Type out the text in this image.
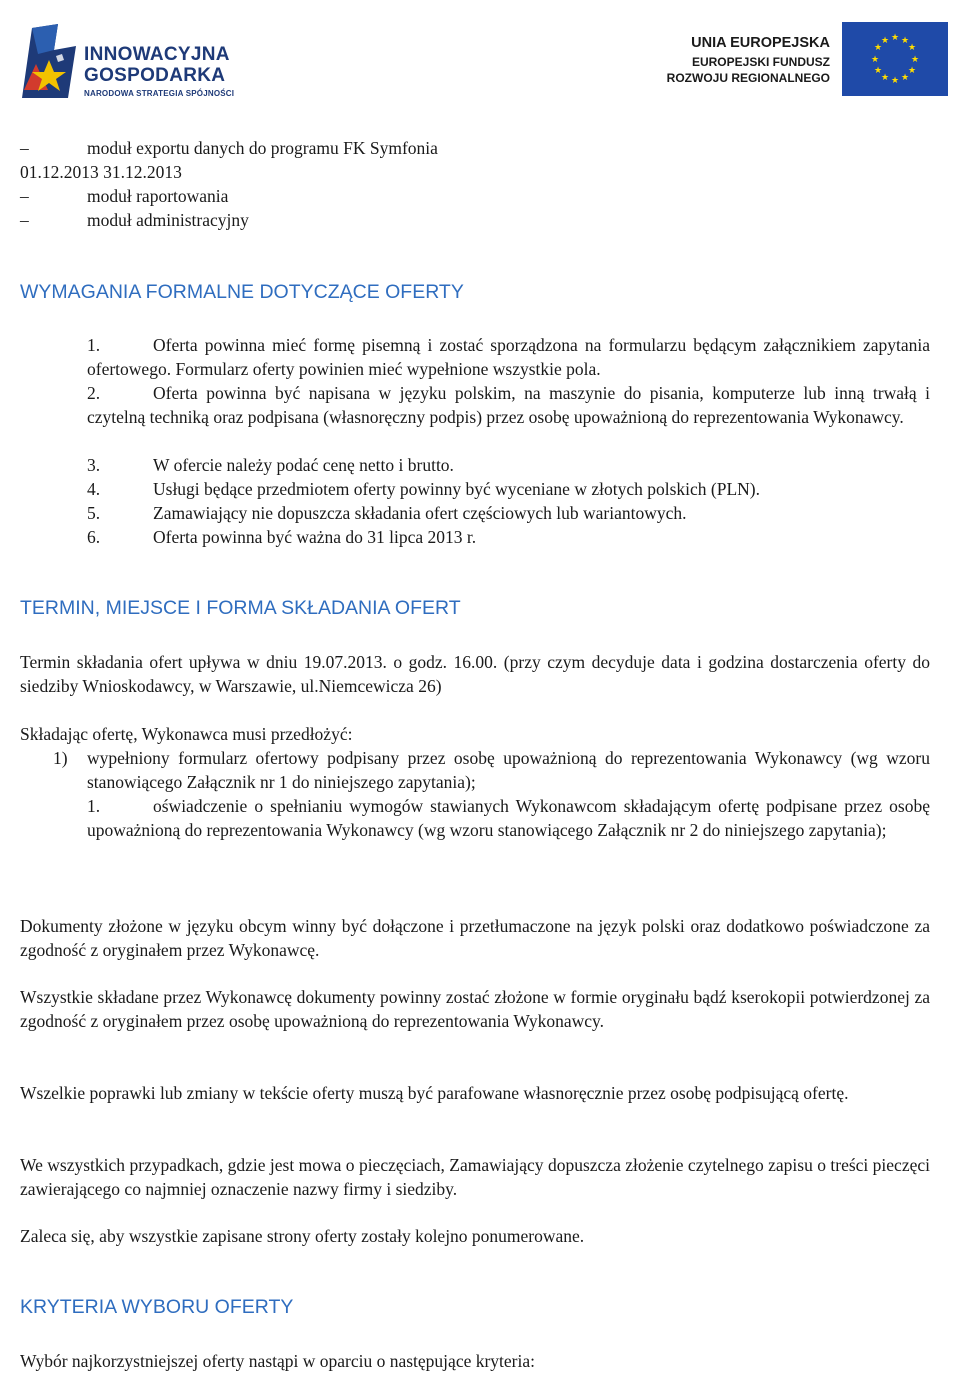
INNOWACYJNA
GOSPODARKA
NARODOWA STRATEGIA SPÓJNOŚCI
UNIA EUROPEJSKA
EUROPEJSKI FUNDUSZ
ROZWOJU REGIONALNEGO
★ ★
★
★
★
★
★
★
★
★
★
★
–	moduł exportu danych do programu FK Symfonia
01.12.2013 31.12.2013
–	moduł raportowania
–	moduł administracyjny
WYMAGANIA FORMALNE DOTYCZĄCE OFERTY
1.	Oferta powinna mieć formę pisemną i zostać sporządzona na formularzu będącym załącznikiem zapytania ofertowego. Formularz oferty powinien mieć wypełnione wszystkie pola.
2.	Oferta powinna być napisana w języku polskim, na maszynie do pisania, komputerze lub inną trwałą i czytelną techniką oraz podpisana (własnoręczny podpis) przez osobę upoważnioną do reprezentowania Wykonawcy.
3.	W ofercie należy podać cenę netto i brutto.
4.	Usługi będące przedmiotem oferty powinny być wyceniane w złotych polskich (PLN).
5.	Zamawiający nie dopuszcza składania ofert częściowych lub wariantowych.
6.	Oferta powinna być ważna do 31 lipca 2013 r.
TERMIN, MIEJSCE I FORMA SKŁADANIA OFERT
Termin składania ofert upływa w dniu 19.07.2013. o godz. 16.00. (przy czym decyduje data i godzina dostarczenia oferty do siedziby Wnioskodawcy, w Warszawie, ul.Niemcewicza 26)
Składając ofertę, Wykonawca musi przedłożyć:
1) wypełniony formularz ofertowy podpisany przez osobę upoważnioną do reprezentowania Wykonawcy (wg wzoru stanowiącego Załącznik nr 1 do niniejszego zapytania);
1.	oświadczenie o spełnianiu wymogów stawianych Wykonawcom składającym ofertę podpisane przez osobę upoważnioną do reprezentowania Wykonawcy (wg wzoru stanowiącego Załącznik nr 2 do niniejszego zapytania);
Dokumenty złożone w języku obcym winny być dołączone i przetłumaczone na język polski oraz dodatkowo poświadczone za zgodność z oryginałem przez Wykonawcę.
Wszystkie składane przez Wykonawcę dokumenty powinny zostać złożone w formie oryginału bądź kserokopii potwierdzonej za zgodność z oryginałem przez osobę upoważnioną do reprezentowania Wykonawcy.
Wszelkie poprawki lub zmiany w tekście oferty muszą być parafowane własnoręcznie przez osobę podpisującą ofertę.
We wszystkich przypadkach, gdzie jest mowa o pieczęciach, Zamawiający dopuszcza złożenie czytelnego zapisu o treści pieczęci zawierającego co najmniej oznaczenie nazwy firmy i siedziby.
Zaleca się, aby wszystkie zapisane strony oferty zostały kolejno ponumerowane.
KRYTERIA WYBORU OFERTY
Wybór najkorzystniejszej oferty nastąpi w oparciu o następujące kryteria:
